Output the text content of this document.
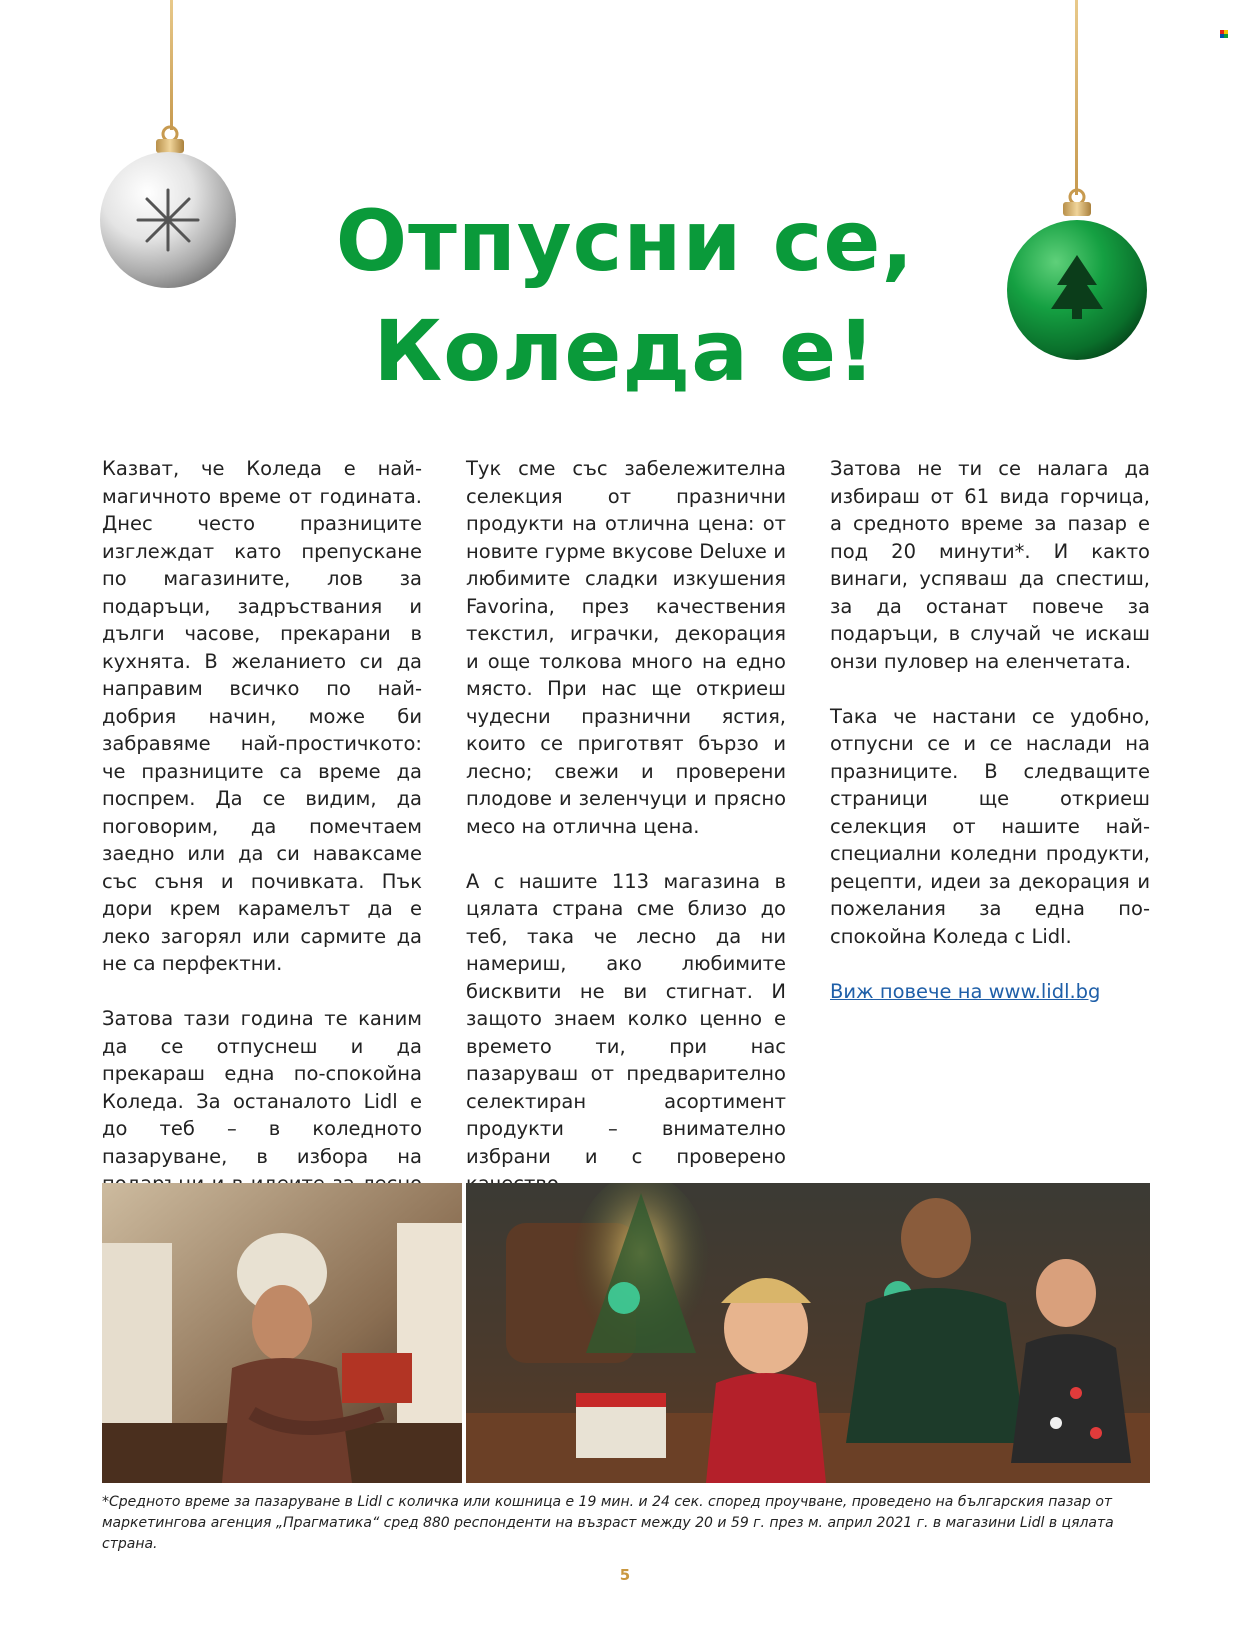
Отпусни се,
Коледа е!

Казват, че Коледа е най-магичното време от годината. Днес често празниците изглеждат като препускане по магазините, лов за подаръци, задръствания и дълги часове, прекарани в кухнята. В желанието си да направим всичко по най-добрия начин, може би забравяме най-простичкото: че празниците са време да поспрем. Да се видим, да поговорим, да помечтаем заедно или да си наваксаме със съня и почивката. Пък дори крем карамелът да е леко загорял или сармите да не са перфектни.

Затова тази година те каним да се отпуснеш и да прекараш една по-спокойна Коледа. За останалото Lidl е до теб – в коледното пазаруване, в избора на

Тук сме със забележителна селекция от празнични продукти на отлична цена: от новите гурме вкусове Deluxe и любимите сладки изкушения Favorina, през качествения текстил, играчки, декорация и още толкова много на едно място. При нас ще откриеш чудесни празнични ястия, които се приготвят бързо и лесно; свежи и проверени плодове и зеленчуци и прясно месо на отлична цена.

А с нашите 113 магазина в цялата страна сме близо до теб, така че лесно да ни намериш, ако любимите бисквити не ви стигнат. И защото знаем колко ценно е времето ти, при нас пазаруваш от предварително селектиран асортимент продукти – внимателно избрани и с проверено

Затова не ти се налага да избираш от 61 вида горчица, а средното време за пазар е под 20 минути*. И както винаги, успяваш да спестиш, за да останат повече за подаръци, в случай че искаш онзи пуловер на еленчетата.

Така че настани се удобно, отпусни се и се наслади на празниците. В следващите страници ще откриеш селекция от нашите най-специални коледни продукти, рецепти, идеи за декорация и пожелания за една по-спокойна Коледа с Lidl.

Виж повече на www.lidl.bg

*Средното време за пазаруване в Lidl с количка или кошница е 19 мин. и 24 сек. според проучване, проведено на българския пазар от маркетингова агенция „Прагматика“ сред 880 респонденти на възраст между 20 и 59 г. през м. април 2021 г. в магазини Lidl в цялата страна.
5
